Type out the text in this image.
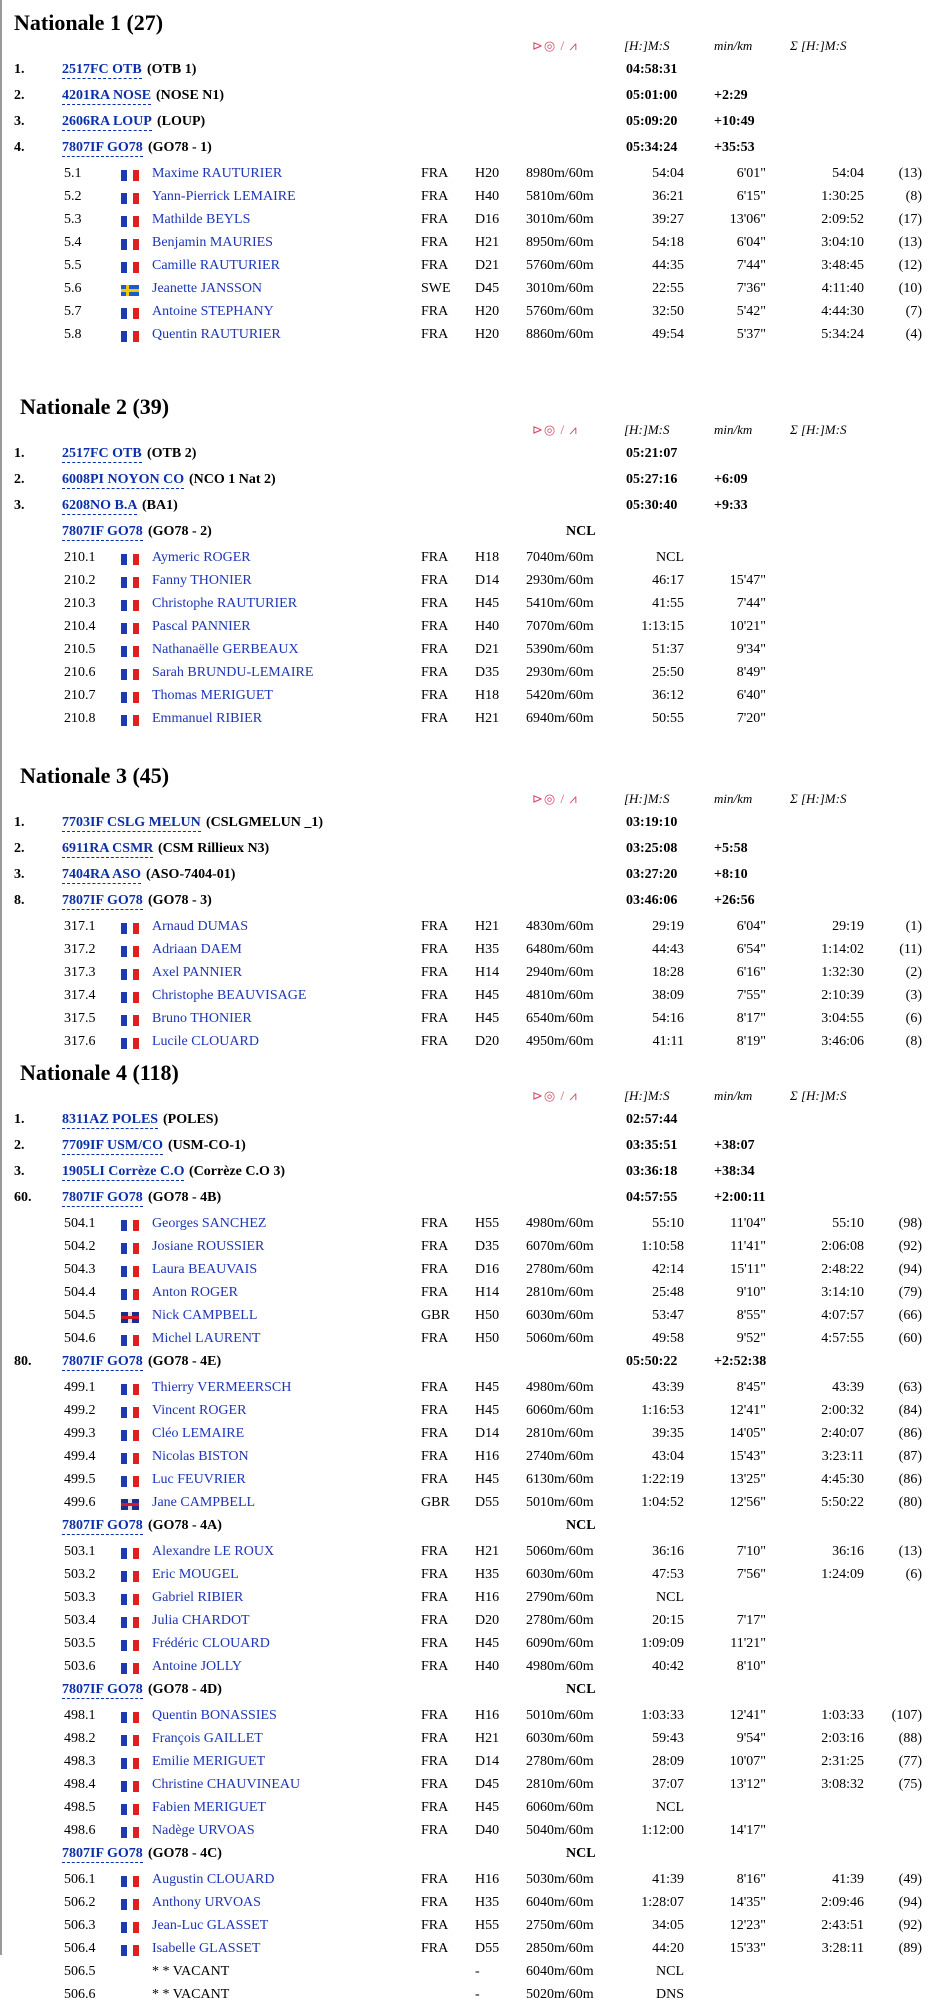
Nationale 1 (27)
⊳◎ / ⩘	[H:]M:S	min/km	Σ [H:]M:S
1.	2517FC OTB (OTB 1)	04:58:31
2.	4201RA NOSE (NOSE N1)	05:01:00	+2:29
3.	2606RA LOUP (LOUP)	05:09:20	+10:49
4.	7807IF GO78 (GO78 - 1)	05:34:24	+35:53
5.1	Maxime RAUTURIER	FRA H20 8980m/60m	54:04	6'01"	54:04	(13)
5.2	Yann-Pierrick LEMAIRE	FRA H40 5810m/60m	36:21	6'15"	1:30:25	(8)
5.3	Mathilde BEYLS	FRA D16 3010m/60m	39:27	13'06"	2:09:52	(17)
5.4	Benjamin MAURIES	FRA H21 8950m/60m	54:18	6'04"	3:04:10	(13)
5.5	Camille RAUTURIER	FRA D21 5760m/60m	44:35	7'44"	3:48:45	(12)
5.6	Jeanette JANSSON	SWE D45 3010m/60m	22:55	7'36"	4:11:40	(10)
5.7	Antoine STEPHANY	FRA H20 5760m/60m	32:50	5'42"	4:44:30	(7)
5.8	Quentin RAUTURIER	FRA H20 8860m/60m	49:54	5'37"	5:34:24	(4)
Nationale 2 (39)
⊳◎ / ⩘	[H:]M:S	min/km	Σ [H:]M:S
1.	2517FC OTB (OTB 2)	05:21:07
2.	6008PI NOYON CO (NCO 1 Nat 2)	05:27:16	+6:09
3.	6208NO B.A (BA1)	05:30:40	+9:33
7807IF GO78 (GO78 - 2)	NCL
210.1	Aymeric ROGER	FRA H18 7040m/60m	NCL
210.2	Fanny THONIER	FRA D14 2930m/60m	46:17	15'47"
210.3	Christophe RAUTURIER	FRA H45 5410m/60m	41:55	7'44"
210.4	Pascal PANNIER	FRA H40 7070m/60m	1:13:15	10'21"
210.5	Nathanaëlle GERBEAUX	FRA D21 5390m/60m	51:37	9'34"
210.6	Sarah BRUNDU-LEMAIRE	FRA D35 2930m/60m	25:50	8'49"
210.7	Thomas MERIGUET	FRA H18 5420m/60m	36:12	6'40"
210.8	Emmanuel RIBIER	FRA H21 6940m/60m	50:55	7'20"
Nationale 3 (45)
⊳◎ / ⩘	[H:]M:S	min/km	Σ [H:]M:S
1.	7703IF CSLG MELUN (CSLGMELUN _1)	03:19:10
2.	6911RA CSMR (CSM Rillieux N3)	03:25:08	+5:58
3.	7404RA ASO (ASO-7404-01)	03:27:20	+8:10
8.	7807IF GO78 (GO78 - 3)	03:46:06	+26:56
317.1	Arnaud DUMAS	FRA H21 4830m/60m	29:19	6'04"	29:19	(1)
317.2	Adriaan DAEM	FRA H35 6480m/60m	44:43	6'54"	1:14:02	(11)
317.3	Axel PANNIER	FRA H14 2940m/60m	18:28	6'16"	1:32:30	(2)
317.4	Christophe BEAUVISAGE	FRA H45 4810m/60m	38:09	7'55"	2:10:39	(3)
317.5	Bruno THONIER	FRA H45 6540m/60m	54:16	8'17"	3:04:55	(6)
317.6	Lucile CLOUARD	FRA D20 4950m/60m	41:11	8'19"	3:46:06	(8)
Nationale 4 (118)
⊳◎ / ⩘	[H:]M:S	min/km	Σ [H:]M:S
1.	8311AZ POLES (POLES)	02:57:44
2.	7709IF USM/CO (USM-CO-1)	03:35:51	+38:07
3.	1905LI Corrèze C.O (Corrèze C.O 3)	03:36:18	+38:34
60. 7807IF GO78 (GO78 - 4B)	04:57:55	+2:00:11
504.1	Georges SANCHEZ	FRA H55 4980m/60m	55:10	11'04"	55:10	(98)
504.2	Josiane ROUSSIER	FRA D35 6070m/60m	1:10:58	11'41"	2:06:08	(92)
504.3	Laura BEAUVAIS	FRA D16 2780m/60m	42:14	15'11"	2:48:22	(94)
504.4	Anton ROGER	FRA H14 2810m/60m	25:48	9'10"	3:14:10	(79)
504.5	Nick CAMPBELL	GBR H50 6030m/60m	53:47	8'55"	4:07:57	(66)
504.6	Michel LAURENT	FRA H50 5060m/60m	49:58	9'52"	4:57:55	(60)
80. 7807IF GO78 (GO78 - 4E)	05:50:22	+2:52:38
499.1	Thierry VERMEERSCH	FRA H45 4980m/60m	43:39	8'45"	43:39	(63)
499.2	Vincent ROGER	FRA H45 6060m/60m	1:16:53	12'41"	2:00:32	(84)
499.3	Cléo LEMAIRE	FRA D14 2810m/60m	39:35	14'05"	2:40:07	(86)
499.4	Nicolas BISTON	FRA H16 2740m/60m	43:04	15'43"	3:23:11	(87)
499.5	Luc FEUVRIER	FRA H45 6130m/60m	1:22:19	13'25"	4:45:30	(86)
499.6	Jane CAMPBELL	GBR D55 5010m/60m	1:04:52	12'56"	5:50:22	(80)
7807IF GO78 (GO78 - 4A)	NCL
503.1	Alexandre LE ROUX	FRA H21 5060m/60m	36:16	7'10"	36:16	(13)
503.2	Eric MOUGEL	FRA H35 6030m/60m	47:53	7'56"	1:24:09	(6)
503.3	Gabriel RIBIER	FRA H16 2790m/60m	NCL
503.4	Julia CHARDOT	FRA D20 2780m/60m	20:15	7'17"
503.5	Frédéric CLOUARD	FRA H45 6090m/60m	1:09:09	11'21"
503.6	Antoine JOLLY	FRA H40 4980m/60m	40:42	8'10"
7807IF GO78 (GO78 - 4D)	NCL
498.1	Quentin BONASSIES	FRA H16 5010m/60m	1:03:33	12'41"	1:03:33	(107)
498.2	François GAILLET	FRA H21 6030m/60m	59:43	9'54"	2:03:16	(88)
498.3	Emilie MERIGUET	FRA D14 2780m/60m	28:09	10'07"	2:31:25	(77)
498.4	Christine CHAUVINEAU	FRA D45 2810m/60m	37:07	13'12"	3:08:32	(75)
498.5	Fabien MERIGUET	FRA H45 6060m/60m	NCL
498.6	Nadège URVOAS	FRA D40 5040m/60m	1:12:00	14'17"
7807IF GO78 (GO78 - 4C)	NCL
506.1	Augustin CLOUARD	FRA H16 5030m/60m	41:39	8'16"	41:39	(49)
506.2	Anthony URVOAS	FRA H35 6040m/60m	1:28:07	14'35"	2:09:46	(94)
506.3	Jean-Luc GLASSET	FRA H55 2750m/60m	34:05	12'23"	2:43:51	(92)
506.4	Isabelle GLASSET	FRA D55 2850m/60m	44:20	15'33"	3:28:11	(89)
506.5	* * VACANT	-	6040m/60m	NCL
506.6	* * VACANT	-	5020m/60m	DNS
